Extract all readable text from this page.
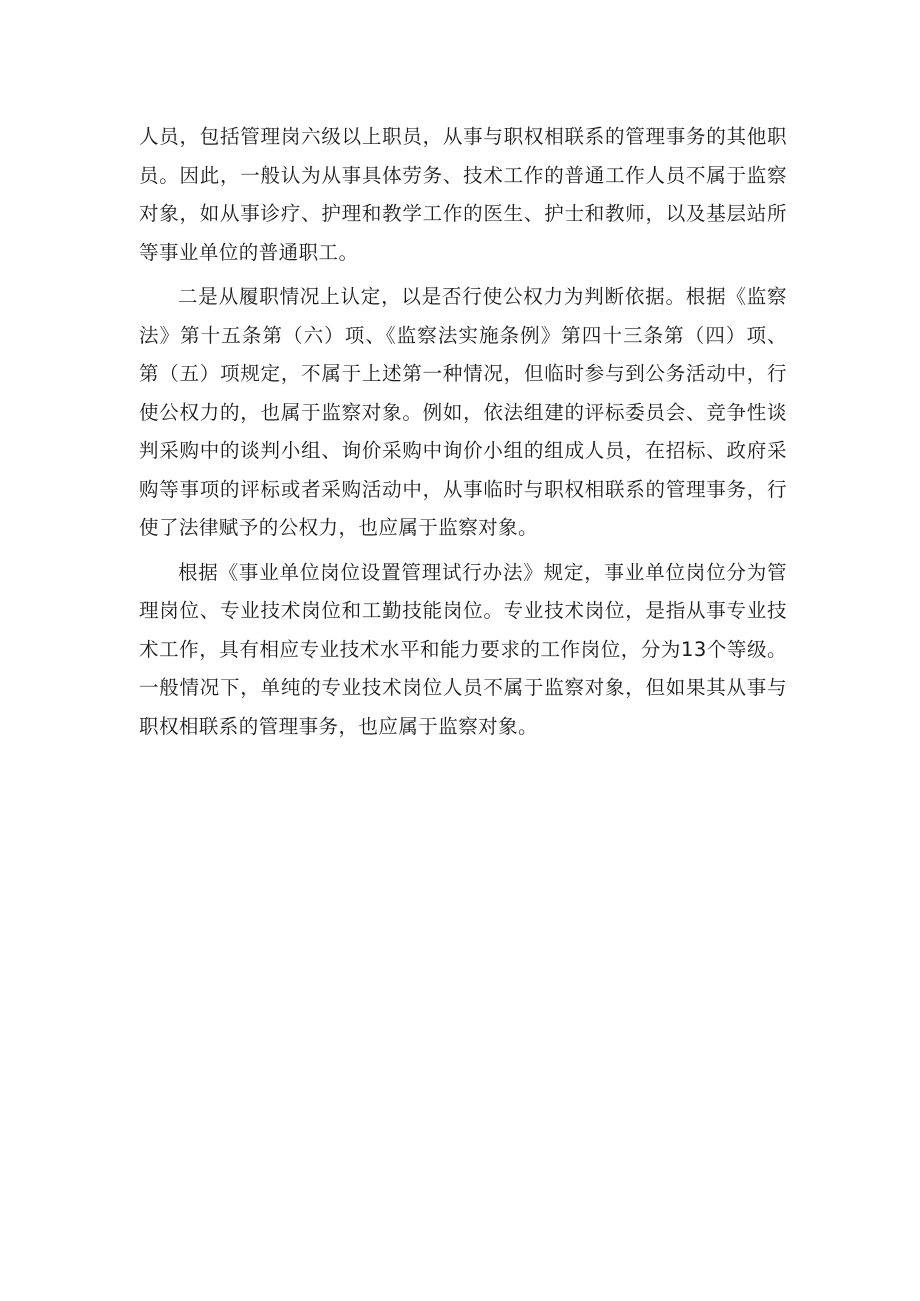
人员，包括管理岗六级以上职员，从事与职权相联系的管理事务的其他职员。因此，一般认为从事具体劳务、技术工作的普通工作人员不属于监察对象，如从事诊疗、护理和教学工作的医生、护士和教师，以及基层站所等事业单位的普通职工。

二是从履职情况上认定，以是否行使公权力为判断依据。根据《监察法》第十五条第（六）项、《监察法实施条例》第四十三条第（四）项、第（五）项规定，不属于上述第一种情况，但临时参与到公务活动中，行使公权力的，也属于监察对象。例如，依法组建的评标委员会、竞争性谈判采购中的谈判小组、询价采购中询价小组的组成人员，在招标、政府采购等事项的评标或者采购活动中，从事临时与职权相联系的管理事务，行使了法律赋予的公权力，也应属于监察对象。

根据《事业单位岗位设置管理试行办法》规定，事业单位岗位分为管理岗位、专业技术岗位和工勤技能岗位。专业技术岗位，是指从事专业技术工作，具有相应专业技术水平和能力要求的工作岗位，分为13个等级。一般情况下，单纯的专业技术岗位人员不属于监察对象，但如果其从事与职权相联系的管理事务，也应属于监察对象。
